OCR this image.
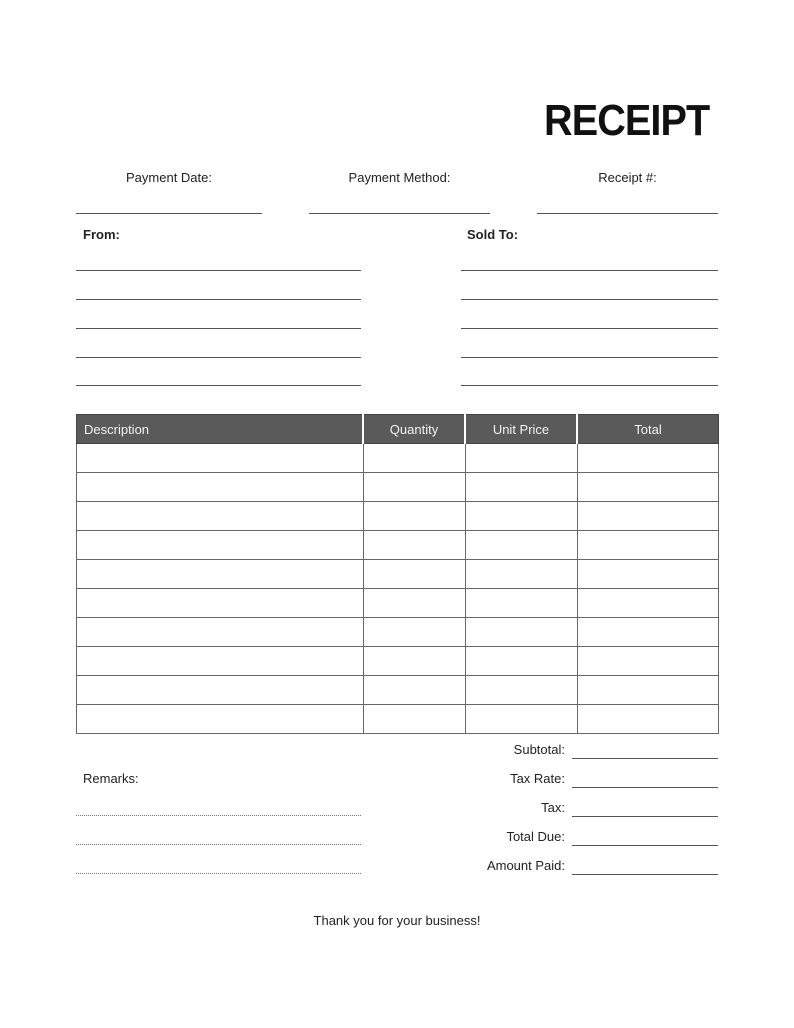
RECEIPT
Payment Date:	Payment Method:	Receipt #:
From:	Sold To:
Description	Quantity	Unit Price	Total

Remarks:
Subtotal:
Tax Rate:
Tax:
Total Due:
Amount Paid:
Thank you for your business!
